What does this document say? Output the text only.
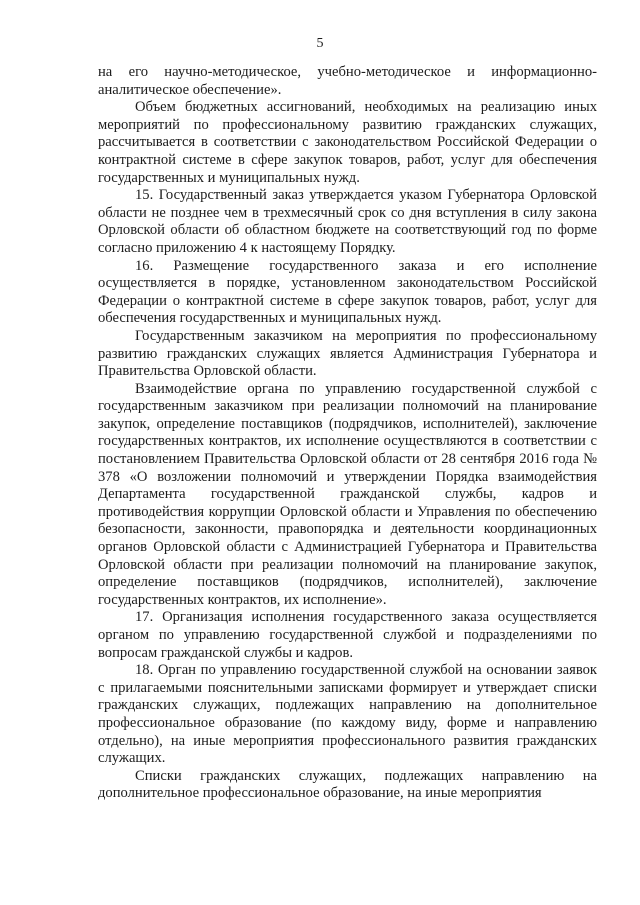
5

на его научно-методическое, учебно-методическое и информационно-аналитическое обеспечение».

Объем бюджетных ассигнований, необходимых на реализацию иных мероприятий по профессиональному развитию гражданских служащих, рассчитывается в соответствии с законодательством Российской Федерации о контрактной системе в сфере закупок товаров, работ, услуг для обеспечения государственных и муниципальных нужд.

15. Государственный заказ утверждается указом Губернатора Орловской области не позднее чем в трехмесячный срок со дня вступления в силу закона Орловской области об областном бюджете на соответствующий год по форме согласно приложению 4 к настоящему Порядку.

16. Размещение государственного заказа и его исполнение осуществляется в порядке, установленном законодательством Российской Федерации о контрактной системе в сфере закупок товаров, работ, услуг для обеспечения государственных и муниципальных нужд.

Государственным заказчиком на мероприятия по профессиональному развитию гражданских служащих является Администрация Губернатора и Правительства Орловской области.

Взаимодействие органа по управлению государственной службой с государственным заказчиком при реализации полномочий на планирование закупок, определение поставщиков (подрядчиков, исполнителей), заключение государственных контрактов, их исполнение осуществляются в соответствии с постановлением Правительства Орловской области от 28 сентября 2016 года № 378 «О возложении полномочий и утверждении Порядка взаимодействия Департамента государственной гражданской службы, кадров и противодействия коррупции Орловской области и Управления по обеспечению безопасности, законности, правопорядка и деятельности координационных органов Орловской области с Администрацией Губернатора и Правительства Орловской области при реализации полномочий на планирование закупок, определение поставщиков (подрядчиков, исполнителей), заключение государственных контрактов, их исполнение».

17. Организация исполнения государственного заказа осуществляется органом по управлению государственной службой и подразделениями по вопросам гражданской службы и кадров.

18. Орган по управлению государственной службой на основании заявок с прилагаемыми пояснительными записками формирует и утверждает списки гражданских служащих, подлежащих направлению на дополнительное профессиональное образование (по каждому виду, форме и направлению отдельно), на иные мероприятия профессионального развития гражданских служащих.

Списки гражданских служащих, подлежащих направлению на дополнительное профессиональное образование, на иные мероприятия
